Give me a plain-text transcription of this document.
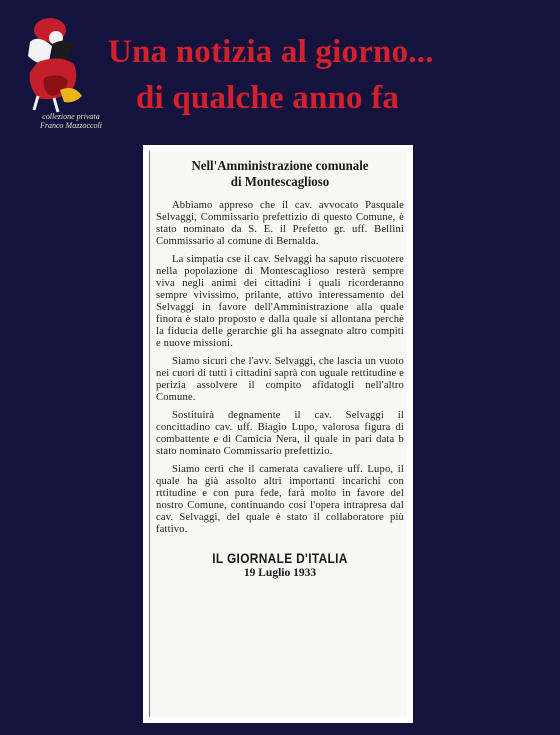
collezione privata
Franco Mazzoccoli
Una notizia al giorno...
di qualche anno fa
Nell'Amministrazione comunale
di Montescaglioso

Abbiamo appreso che il cav. avvocato Pasquale Selvaggi, Commissario prefettizio di questo Comune, è stato nominato da S. E. il Prefetto gr. uff. Bellini Commissario al comune di Bernalda.

La simpatia cse il cav. Selvaggi ha saputo riscuotere nella popolazione di Montescaglioso resterà sempre viva negli animi dei cittadini i quali ricorderanno sempre vivissimo, prilante, attivo interessamento del Selvaggi in favore dell'Amministrazione alla quale finora è stato proposto e dalla quale si allontana perchè la fiducia delle gerarchie gli ha assegnato altro compiti e nuove missioni.

Siamo sicuri che l'avv. Selvaggi, che lascia un vuoto nei cuori di tutti i cittadini saprà con uguale rettitudine e perizia assolvere il compito afidatogli nell'altro Comune.

Sostituirà degnamente il cav. Selvaggi il concittadino cav. uff. Biagio Lupo, valorosa figura di combattente e di Camicia Nera, il quale in pari data b stato nominato Commissario prefettizio.

Siamo certi che il camerata cavaliere uff. Lupo, il quale ha già assolto altri importanti incarichi con rttitudine e con pura fede, farà molto in favore del nostro Comune, continuando cosi l'opera intrapresa dal cav. Selvaggi, del quale è stato il collaboratore più fattivo.

IL GIORNALE D'ITALIA
19 Luglio 1933
